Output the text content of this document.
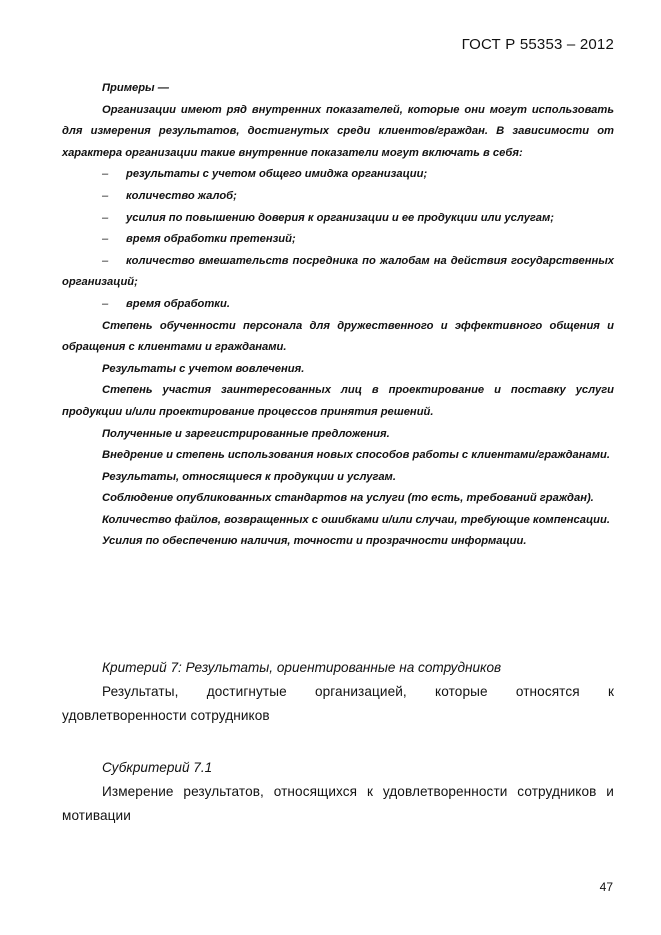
ГОСТ Р 55353 – 2012

Примеры —

Организации имеют ряд внутренних показателей, которые они могут использовать для измерения результатов, достигнутых среди клиентов/граждан. В зависимости от характера организации такие внутренние показатели могут включать в себя:

– результаты с учетом общего имиджа организации;

– количество жалоб;

– усилия по повышению доверия к организации и ее продукции или услугам;

– время обработки претензий;

– количество вмешательств посредника по жалобам на действия государственных организаций;

– время обработки.

Степень обученности персонала для дружественного и эффективного общения и обращения с клиентами и гражданами.

Результаты с учетом вовлечения.

Степень участия заинтересованных лиц в проектирование и поставку услуги продукции и/или проектирование процессов принятия решений.

Полученные и зарегистрированные предложения.

Внедрение и степень использования новых способов работы с клиентами/гражданами.

Результаты, относящиеся к продукции и услугам.

Соблюдение опубликованных стандартов на услуги (то есть, требований граждан).

Количество файлов, возвращенных с ошибками и/или случаи, требующие компенсации.

Усилия по обеспечению наличия, точности и прозрачности информации.

Критерий 7: Результаты, ориентированные на сотрудников

Результаты, достигнутые организацией, которые относятся к удовлетворенности сотрудников

Субкритерий 7.1

Измерение результатов, относящихся к удовлетворенности сотрудников и мотивации

47
